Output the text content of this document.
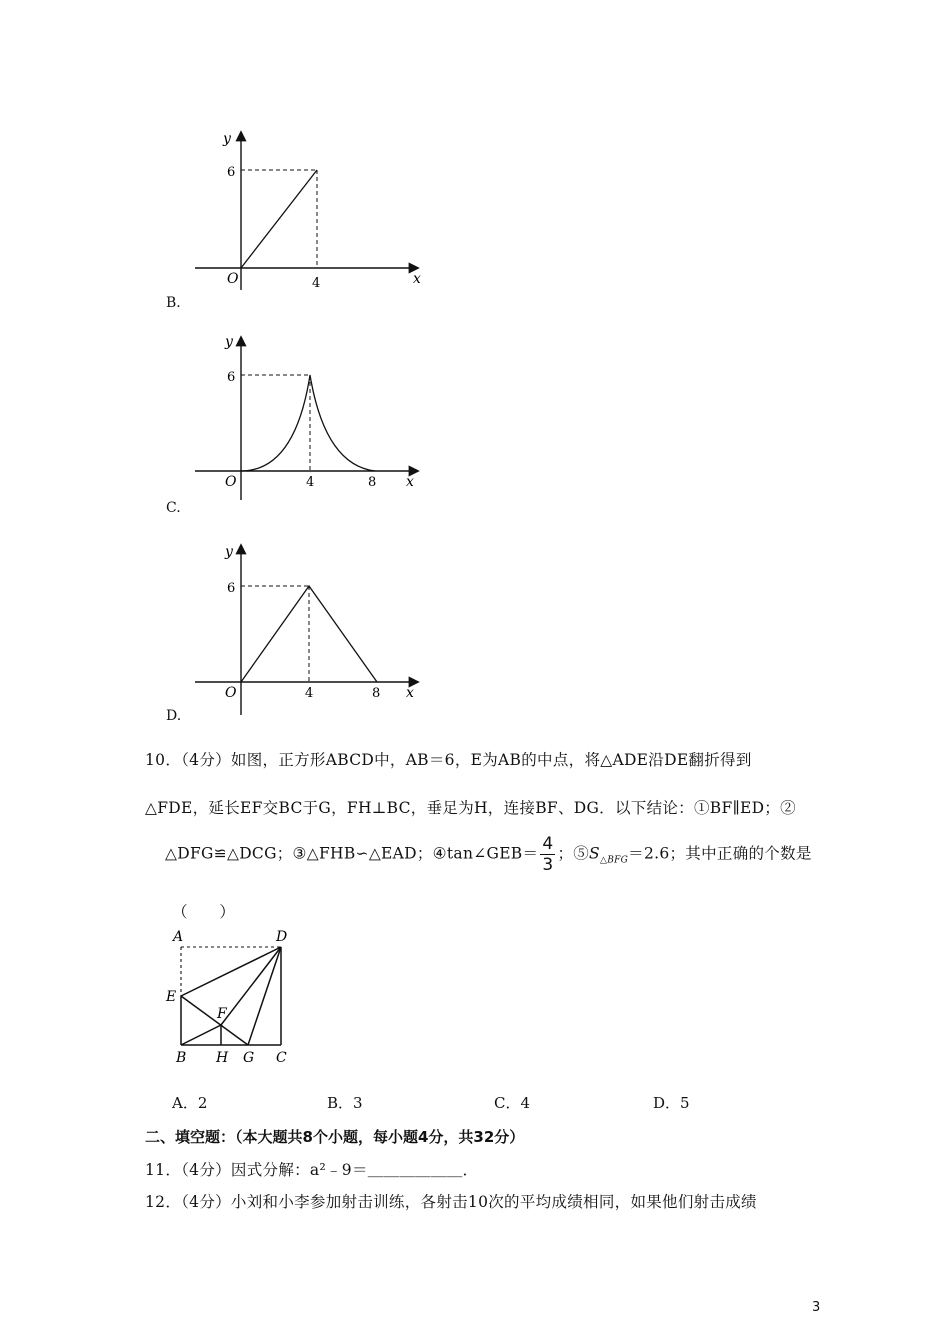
y
x
O
6
4
B.
y
x
O
6
4	8
C.
y
x
O
6
4	8
D.
10．（4分）如图，正方形ABCD中，AB＝6，E为AB的中点，将△ADE沿DE翻折得到
△FDE，延长EF交BC于G，FH⊥BC，垂足为H，连接BF、DG．以下结论：①BF∥ED；②
△DFG≌△DCG；③△FHB∽△EAD；④tan∠GEB＝ $\frac{4}{3}$ ；$⑤S_{\triangle BFG}=2.6$；其中正确的个数是
（　　）
A	D
E
F
B H G C
A．2	B．3	C．4	D．5
二、填空题：（本大题共8个小题，每小题4分，共32分）
11．（4分）因式分解：a²﹣9＝＿＿＿＿＿＿．
12．（4分）小刘和小李参加射击训练，各射击10次的平均成绩相同，如果他们射击成绩
3
